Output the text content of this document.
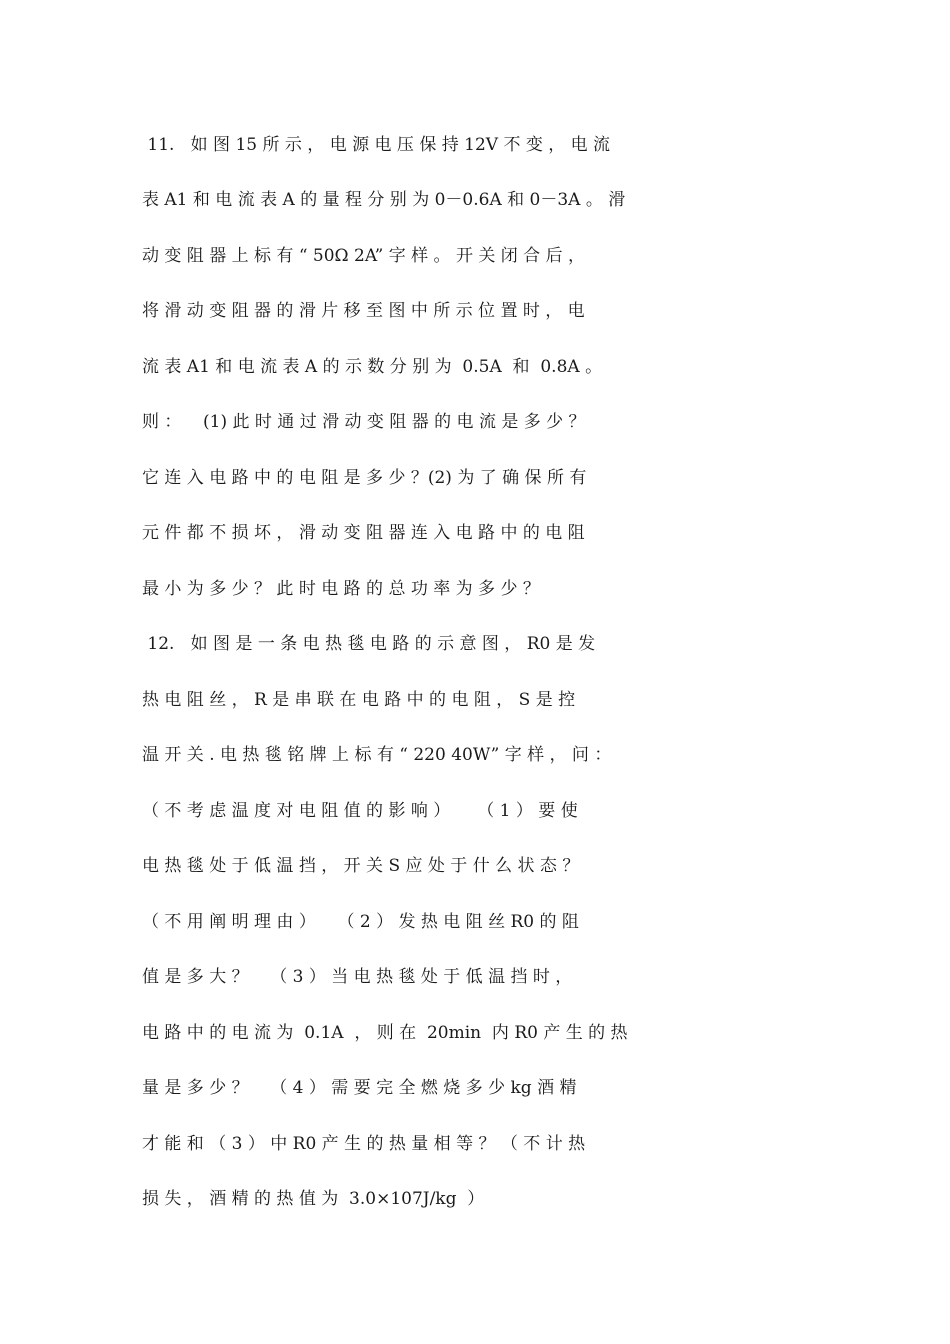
11.   如 图 15 所 示 ， 电 源 电 压 保 持 12V 不 变 ， 电 流
表 A1 和 电 流 表 A 的 量 程 分 别 为 0－0.6A 和 0－3A 。 滑
动 变 阻 器 上 标 有 “ 50Ω 2A” 字 样 。 开 关 闭 合 后 ，
将 滑 动 变 阻 器 的 滑 片 移 至 图 中 所 示 位 置 时 ， 电
流 表 A1 和 电 流 表 A 的 示 数 分 别 为  0.5A  和  0.8A 。
则 ：    (1) 此 时 通 过 滑 动 变 阻 器 的 电 流 是 多 少 ？
它 连 入 电 路 中 的 电 阻 是 多 少 ？(2) 为 了 确 保 所 有
元 件 都 不 损 坏 ， 滑 动 变 阻 器 连 入 电 路 中 的 电 阻
最 小 为 多 少 ？ 此 时 电 路 的 总 功 率 为 多 少 ？
12.   如 图 是 一 条 电 热 毯 电 路 的 示 意 图 ， R0 是 发
热 电 阻 丝 ， R 是 串 联 在 电 路 中 的 电 阻 ， S 是 控
温 开 关 . 电 热 毯 铭 牌 上 标 有 “ 220 40W” 字 样 ， 问 ：
（ 不 考 虑 温 度 对 电 阻 值 的 影 响 ）     （ 1 ） 要 使
电 热 毯 处 于 低 温 挡 ， 开 关 S 应 处 于 什 么 状 态 ？
（ 不 用 阐 明 理 由 ）    （ 2 ） 发 热 电 阻 丝 R0 的 阻
值 是 多 大 ？    （ 3 ） 当 电 热 毯 处 于 低 温 挡 时 ，
电 路 中 的 电 流 为  0.1A  ， 则 在  20min  内 R0 产 生 的 热
量 是 多 少 ？    （ 4 ） 需 要 完 全 燃 烧 多 少 kg 酒 精
才 能 和 （ 3 ） 中 R0 产 生 的 热 量 相 等 ？ （ 不 计 热
损 失 ， 酒 精 的 热 值 为  3.0×107J/kg  ）
